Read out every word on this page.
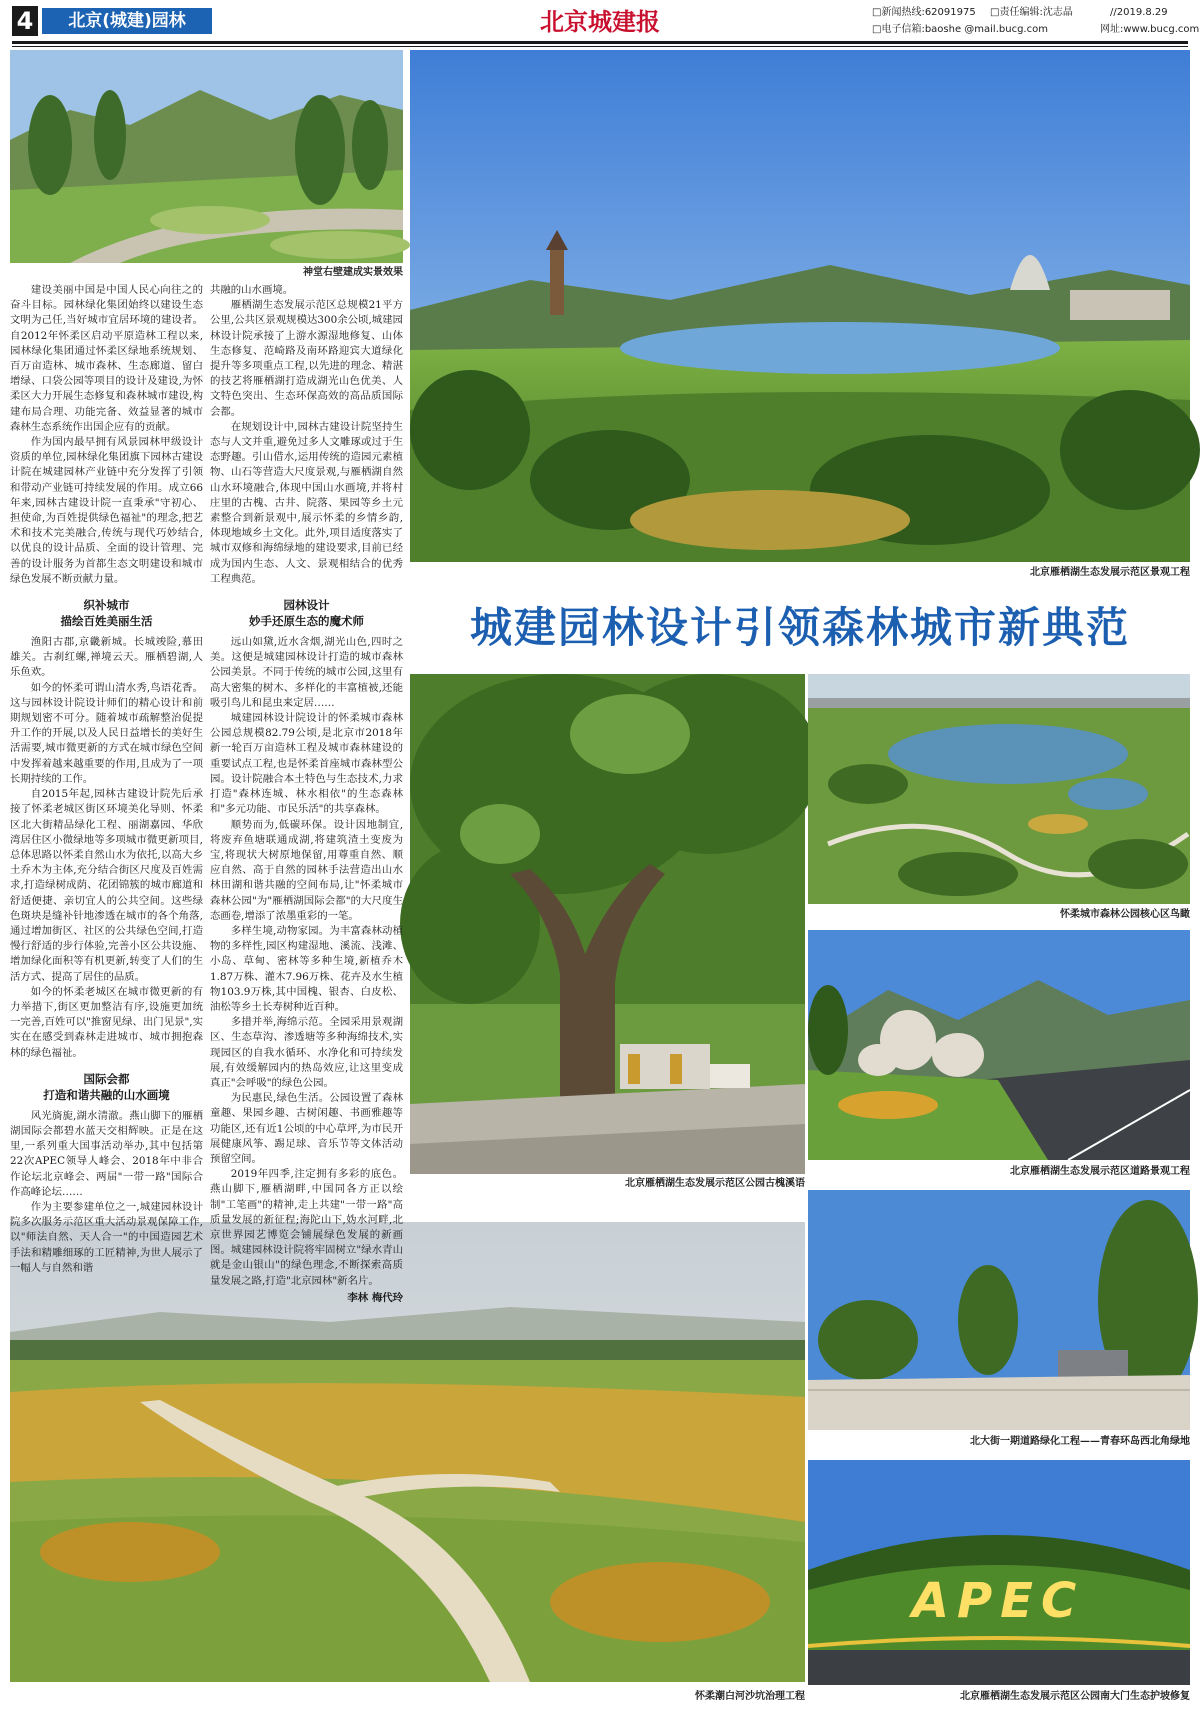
4	北京(城建)园林	北京城建报	□新闻热线:62091975 □责任编辑:沈志晶	//2019.8.29
□电子信箱:baoshe @mail.bucg.com	网址:www.bucg.com
神堂右壁建成实景效果
北京雁栖湖生态发展示范区景观工程
城建园林设计引领森林城市新典范
北京雁栖湖生态发展示范区公园古槐溪语
怀柔城市森林公园核心区鸟瞰
北京雁栖湖生态发展示范区道路景观工程
北大街一期道路绿化工程——青春环岛西北角绿地
APEC
北京雁栖湖生态发展示范区公园南大门生态护坡修复
怀柔潮白河沙坑治理工程

建设美丽中国是中国人民心向往之的奋斗目标。园林绿化集团始终以建设生态文明为己任,当好城市宜居环境的建设者。自2012年怀柔区启动平原造林工程以来,园林绿化集团通过怀柔区绿地系统规划、百万亩造林、城市森林、生态廊道、留白增绿、口袋公园等项目的设计及建设,为怀柔区大力开展生态修复和森林城市建设,构建布局合理、功能完备、效益显著的城市森林生态系统作出国企应有的贡献。

作为国内最早拥有风景园林甲级设计资质的单位,园林绿化集团旗下园林古建设计院在城建园林产业链中充分发挥了引领和带动产业链可持续发展的作用。成立66年来,园林古建设计院一直秉承"守初心、担使命,为百姓提供绿色福祉"的理念,把艺术和技术完美融合,传统与现代巧妙结合,以优良的设计品质、全面的设计管理、完善的设计服务为首都生态文明建设和城市绿色发展不断贡献力量。

织补城市
描绘百姓美丽生活

渔阳古郡,京畿新城。长城竣险,慕田雄关。古刹红螺,禅境云天。雁栖碧湖,人乐鱼欢。

如今的怀柔可谓山清水秀,鸟语花香。这与园林设计院设计师们的精心设计和前期规划密不可分。随着城市疏解整治促提升工作的开展,以及人民日益增长的美好生活需要,城市微更新的方式在城市绿色空间中发挥着越来越重要的作用,且成为了一项长期持续的工作。

自2015年起,园林古建设计院先后承接了怀柔老城区街区环境美化导则、怀柔区北大街精品绿化工程、丽湖嘉园、华欣湾居住区小微绿地等多项城市微更新项目,总体思路以怀柔自然山水为依托,以高大乡土乔木为主体,充分结合街区尺度及百姓需求,打造绿树成荫、花团锦簇的城市廊道和舒适便捷、亲切宜人的公共空间。这些绿色斑块是缝补针地渗透在城市的各个角落,通过增加街区、社区的公共绿色空间,打造慢行舒适的步行体验,完善小区公共设施、增加绿化面积等有机更新,转变了人们的生活方式、提高了居住的品质。

如今的怀柔老城区在城市微更新的有力举措下,街区更加整洁有序,设施更加统一完善,百姓可以"推窗见绿、出门见景",实实在在感受到森林走进城市、城市拥抱森林的绿色福祉。

国际会都
打造和谐共融的山水画境

风光旖旎,湖水清澈。燕山脚下的雁栖湖国际会都碧水蓝天交相辉映。正是在这里,一系列重大国事活动举办,其中包括第22次APEC领导人峰会、2018年中非合作论坛北京峰会、两届"一带一路"国际合作高峰论坛……

作为主要参建单位之一,城建园林设计院多次服务示范区重大活动景观保障工作,以"师法自然、天人合一"的中国造园艺术手法和精雕细琢的工匠精神,为世人展示了一幅人与自然和谐

共融的山水画境。

雁栖湖生态发展示范区总规模21平方公里,公共区景观规模达300余公顷,城建园林设计院承接了上游水源湿地修复、山体生态修复、范崎路及南环路迎宾大道绿化提升等多项重点工程,以先进的理念、精湛的技艺将雁栖湖打造成湖光山色优美、人文特色突出、生态环保高效的高品质国际会都。

在规划设计中,园林古建设计院坚持生态与人文并重,避免过多人文雕琢或过于生态野趣。引山借水,运用传统的造园元素植物、山石等营造大尺度景观,与雁栖湖自然山水环境融合,体现中国山水画境,并将村庄里的古槐、古井、院落、果园等乡土元素整合到新景观中,展示怀柔的乡情乡韵,体现地域乡土文化。此外,项目适度落实了城市双修和海绵绿地的建设要求,目前已经成为国内生态、人文、景观相结合的优秀工程典范。

园林设计
妙手还原生态的魔术师

远山如黛,近水含烟,湖光山色,四时之美。这便是城建园林设计打造的城市森林公园美景。不同于传统的城市公园,这里有高大密集的树木、多样化的丰富植被,还能吸引鸟儿和昆虫来定居……

城建园林设计院设计的怀柔城市森林公园总规模82.79公顷,是北京市2018年新一轮百万亩造林工程及城市森林建设的重要试点工程,也是怀柔首座城市森林型公园。设计院融合本土特色与生态技术,力求打造"森林连城、林水相依"的生态森林和"多元功能、市民乐活"的共享森林。

顺势而为,低碳环保。设计因地制宜,将废弃鱼塘联通成湖,将建筑渣土变废为宝,将现状大树原地保留,用尊重自然、顺应自然、高于自然的园林手法营造出山水林田湖和谐共融的空间布局,让"怀柔城市森林公园"为"雁栖湖国际会都"的大尺度生态画卷,增添了浓墨重彩的一笔。

多样生境,动物家园。为丰富森林动植物的多样性,园区构建湿地、溪流、浅滩、小岛、草甸、密林等多种生境,新植乔木1.87万株、灌木7.96万株、花卉及水生植物103.9万株,其中国槐、银杏、白皮松、油松等乡土长寿树种近百种。

多措并举,海绵示范。全园采用景观湖区、生态草沟、渗透塘等多种海绵技术,实现园区的自我水循环、水净化和可持续发展,有效缓解园内的热岛效应,让这里变成真正"会呼吸"的绿色公园。

为民惠民,绿色生活。公园设置了森林童趣、果园乡趣、古树闲趣、书画雅趣等功能区,还有近1公顷的中心草坪,为市民开展健康风筝、踢足球、音乐节等文体活动预留空间。

2019年四季,注定拥有多彩的底色。燕山脚下,雁栖湖畔,中国同各方正以绘制"工笔画"的精神,走上共建"一带一路"高质量发展的新征程;海陀山下,妫水河畔,北京世界园艺博览会铺展绿色发展的新画图。城建园林设计院将牢固树立"绿水青山就是金山银山"的绿色理念,不断探索高质量发展之路,打造"北京园林"新名片。

李林 梅代玲
